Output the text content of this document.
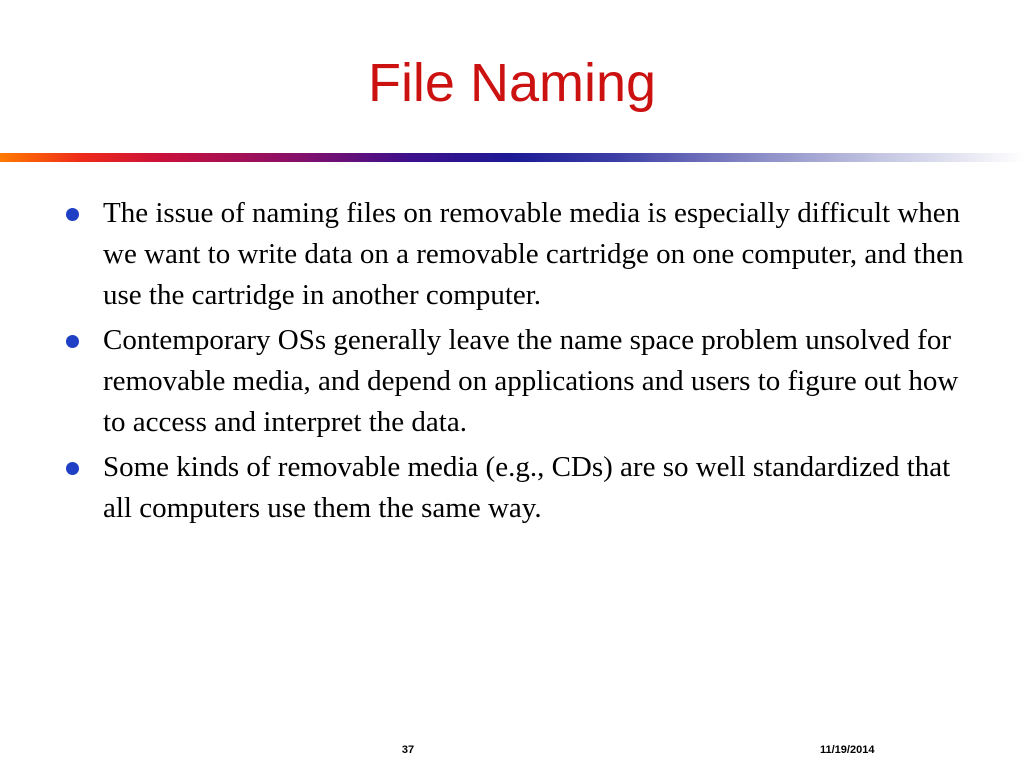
File Naming
The issue of naming files on removable media is especially difficult when we want to write data on a removable cartridge on one computer, and then use the cartridge in another computer.
Contemporary OSs generally leave the name space problem unsolved for removable media, and depend on applications and users to figure out how to access and interpret the data.
Some kinds of removable media (e.g., CDs) are so well standardized that all computers use them the same way.
37	11/19/2014
